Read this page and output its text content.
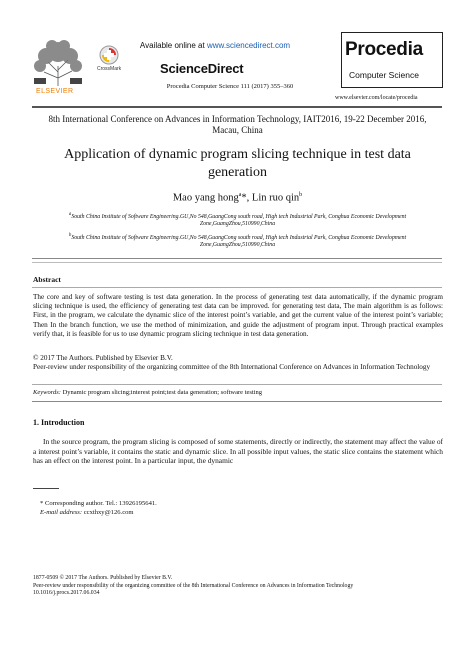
ELSEVIER
CrossMark
Available online at www.sciencedirect.com
ScienceDirect
Procedia Computer Science 111 (2017) 355–360
Procedia
Computer Science
www.elsevier.com/locate/procedia
8th International Conference on Advances in Information Technology, IAIT2016, 19-22 December 2016, Macau, China
Application of dynamic program slicing technique in test data generation
Mao yang hong$^a$*, Lin ruo qin$^b$
$^a$South China Institute of Software Engineering.GU,No 548,GuangCong south road, High tech Industrial Park, Conghua Economic Development Zone,GuangZhou,510990,China
$^b$South China Institute of Software Engineering.GU,No 548,GuangCong south road, High tech Industrial Park, Conghua Economic Development Zone,GuangZhou,510990,China
Abstract
The core and key of software testing is test data generation. In the process of generating test data automatically, if the dynamic program slicing technique is used, the efficiency of generating test data can be improved. for generating test data, The main algorithm is as follows: First, in the program, we calculate the dynamic slice of the interest point’s variable, and get the current value of the interest point’s variable; Then In the branch function, we use the method of minimization, and guide the adjustment of program input. Through practical examples verify that, it is feasible for us to use dynamic program slicing technique in test data generation.
© 2017 The Authors. Published by Elsevier B.V.
Peer-review under responsibility of the organizing committee of the 8th International Conference on Advances in Information Technology
Keywords: Dynamic program slicing;interest point;test data generation; software testing
1. Introduction
In the source program, the program slicing is composed of some statements, directly or indirectly, the statement may affect the value of a interest point’s variable, it contains the static and dynamic slice. In all possible input values, the static slice contains the statement which has an effect on the interest point. In a particular input, the dynamic
* Corresponding author. Tel.: 13926195641.
E-mail address: ccxthxy@126.com
1877-0509 © 2017 The Authors. Published by Elsevier B.V.
Peer-review under responsibility of the organizing committee of the 8th International Conference on Advances in Information Technology
10.1016/j.procs.2017.06.034
